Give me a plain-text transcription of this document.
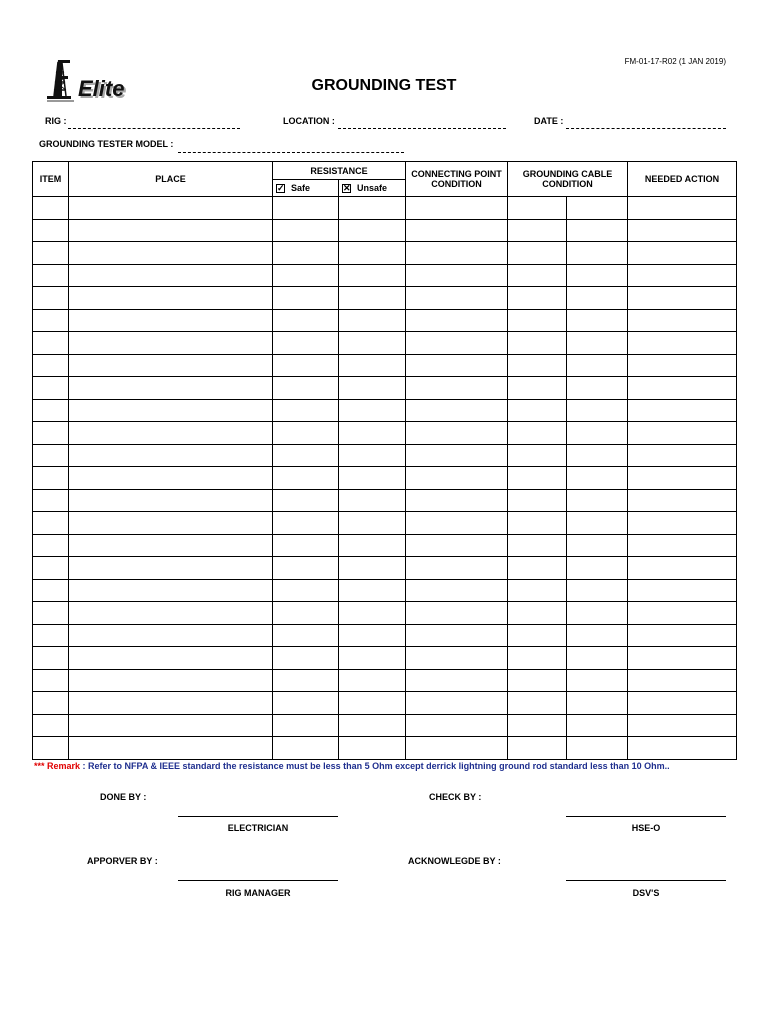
Elite
FM-01-17-R02 (1 JAN 2019)
GROUNDING TEST
RIG :	LOCATION :	DATE :
GROUNDING TESTER MODEL :
ITEM	PLACE	RESISTANCE		CONNECTING POINT CONDITION	GROUNDING CABLE CONDITION		NEEDED ACTION
		✓ Safe	✕ Unsafe				

*** Remark : Refer to NFPA & IEEE standard the resistance must be less than 5 Ohm except derrick lightning ground rod standard less than 10 Ohm..
DONE BY :
ELECTRICIAN
CHECK BY :
HSE-O
APPORVER BY :
RIG MANAGER
ACKNOWLEGDE BY :
DSV'S
